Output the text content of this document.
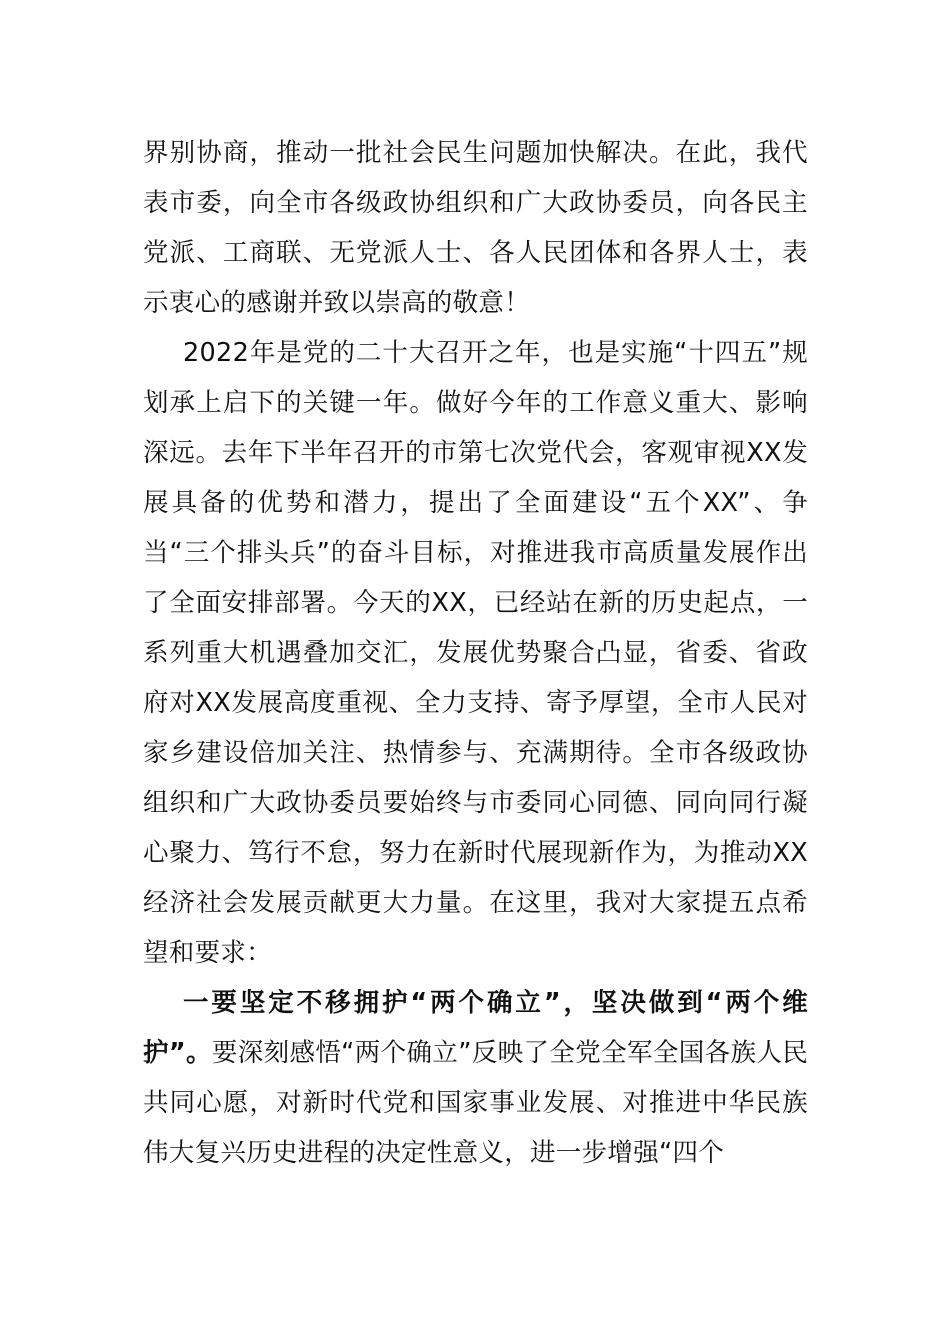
界别协商，推动一批社会民生问题加快解决。在此，我代表市委，向全市各级政协组织和广大政协委员，向各民主党派、工商联、无党派人士、各人民团体和各界人士，表示衷心的感谢并致以崇高的敬意！

2022年是党的二十大召开之年，也是实施“十四五”规划承上启下的关键一年。做好今年的工作意义重大、影响深远。去年下半年召开的市第七次党代会，客观审视XX发展具备的优势和潜力，提出了全面建设“五个XX”、争当“三个排头兵”的奋斗目标，对推进我市高质量发展作出了全面安排部署。今天的XX，已经站在新的历史起点，一系列重大机遇叠加交汇，发展优势聚合凸显，省委、省政府对XX发展高度重视、全力支持、寄予厚望，全市人民对家乡建设倍加关注、热情参与、充满期待。全市各级政协组织和广大政协委员要始终与市委同心同德、同向同行凝心聚力、笃行不怠，努力在新时代展现新作为，为推动XX经济社会发展贡献更大力量。在这里，我对大家提五点希望和要求：

一要坚定不移拥护“两个确立”，坚决做到“两个维护”。要深刻感悟“两个确立”反映了全党全军全国各族人民共同心愿，对新时代党和国家事业发展、对推进中华民族伟大复兴历史进程的决定性意义，进一步增强“四个
